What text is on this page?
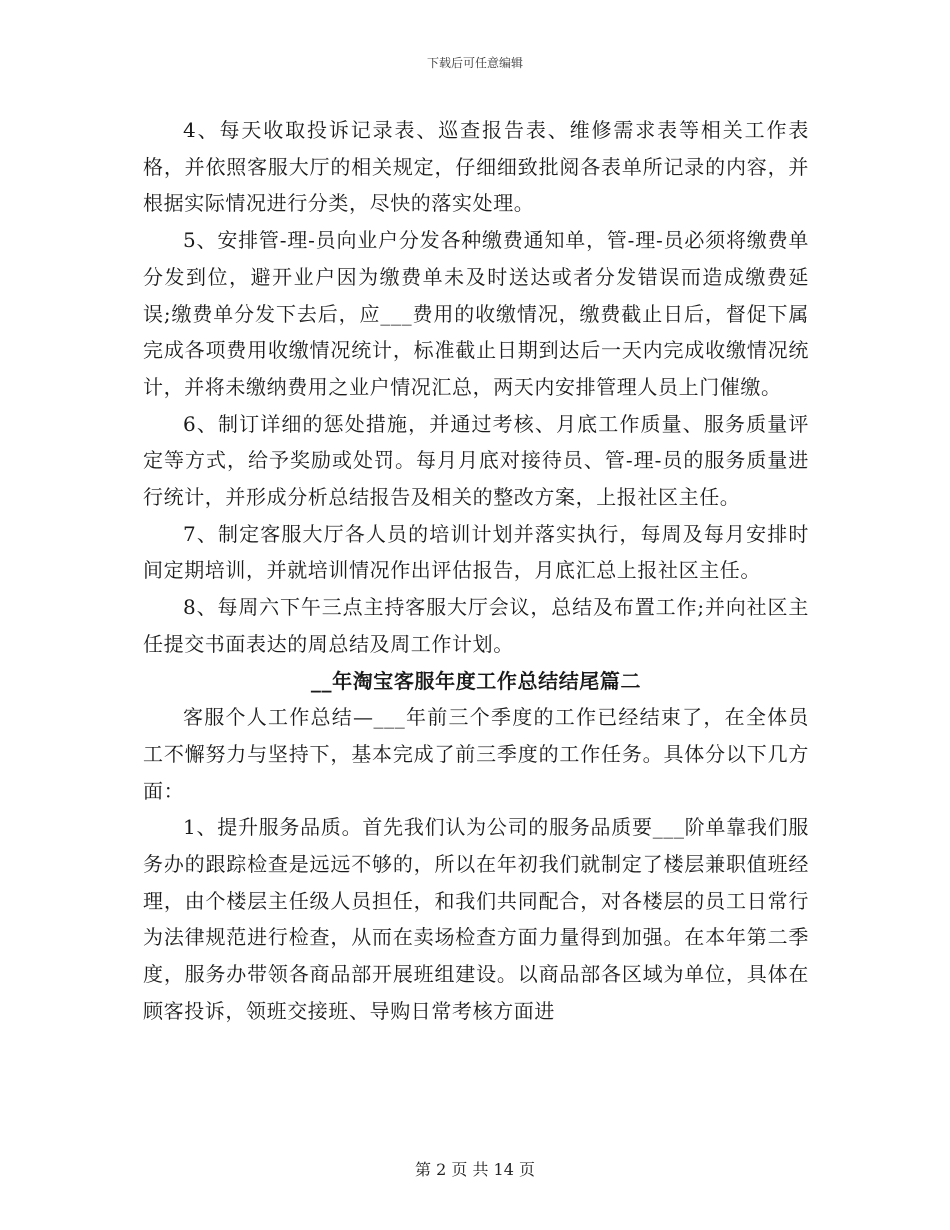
下载后可任意编辑

4、每天收取投诉记录表、巡查报告表、维修需求表等相关工作表格，并依照客服大厅的相关规定，仔细细致批阅各表单所记录的内容，并根据实际情况进行分类，尽快的落实处理。

5、安排管-理-员向业户分发各种缴费通知单，管-理-员必须将缴费单分发到位，避开业户因为缴费单未及时送达或者分发错误而造成缴费延误;缴费单分发下去后，应___费用的收缴情况，缴费截止日后，督促下属完成各项费用收缴情况统计，标准截止日期到达后一天内完成收缴情况统计，并将未缴纳费用之业户情况汇总，两天内安排管理人员上门催缴。

6、制订详细的惩处措施，并通过考核、月底工作质量、服务质量评定等方式，给予奖励或处罚。每月月底对接待员、管-理-员的服务质量进行统计，并形成分析总结报告及相关的整改方案，上报社区主任。

7、制定客服大厅各人员的培训计划并落实执行，每周及每月安排时间定期培训，并就培训情况作出评估报告，月底汇总上报社区主任。

8、每周六下午三点主持客服大厅会议，总结及布置工作;并向社区主任提交书面表达的周总结及周工作计划。

__年淘宝客服年度工作总结结尾篇二

客服个人工作总结—___年前三个季度的工作已经结束了，在全体员工不懈努力与坚持下，基本完成了前三季度的工作任务。具体分以下几方面：

1、提升服务品质。首先我们认为公司的服务品质要___阶单靠我们服务办的跟踪检查是远远不够的，所以在年初我们就制定了楼层兼职值班经理，由个楼层主任级人员担任，和我们共同配合，对各楼层的员工日常行为法律规范进行检查，从而在卖场检查方面力量得到加强。在本年第二季度，服务办带领各商品部开展班组建设。以商品部各区域为单位，具体在顾客投诉，领班交接班、导购日常考核方面进

第 2 页 共 14 页
